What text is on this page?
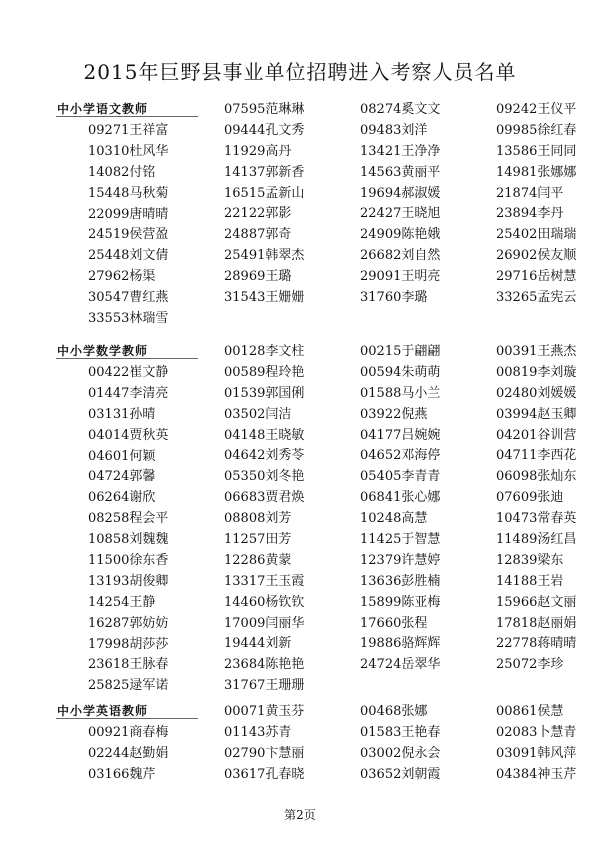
2015年巨野县事业单位招聘进入考察人员名单
中小学语文教师
09271王祥富
10310杜风华
14082付铭
15448马秋菊
22099唐晴晴
24519侯营盈
25448刘文倩
27962杨渠
30547曹红燕
33553林瑞雪
07595范琳琳
09444孔文秀
11929高丹
14137郭新香
16515孟新山
22122郭影
24887郭奇
25491韩翠杰
28969王璐
31543王姗姗
08274奚文文
09483刘洋
13421王净净
14563黄丽平
19694郝淑媛
22427王晓旭
24909陈艳娥
26682刘自然
29091王明亮
31760李璐
09242王仪平
09985徐红春
13586王同同
14981张娜娜
21874闫平
23894李丹
25402田瑞瑞
26902侯友顺
29716岳树慧
33265孟宪云
中小学数学教师
00422崔文静
01447李清亮
03131孙晴
04014贾秋英
04601何颖
04724郭馨
06264谢欣
08258程会平
10858刘魏魏
11500徐东香
13193胡俊卿
14254王静
16287郭妨妨
17998胡莎莎
23618王脉春
25825逯军诺
00128李文柱
00589程玲艳
01539郭国俐
03502闫洁
04148王晓敏
04642刘秀苓
05350刘冬艳
06683贾君焕
08808刘芳
11257田芳
12286黄蒙
13317王玉霞
14460杨钦钦
17009闫丽华
19444刘新
23684陈艳艳
31767王珊珊
00215于翩翩
00594朱萌萌
01588马小兰
03922倪燕
04177吕婉婉
04652邓海停
05405李青青
06841张心娜
10248高慧
11425于智慧
12379许慧婷
13636彭胜楠
15899陈亚梅
17660张程
19886骆辉辉
24724岳翠华
00391王燕杰
00819李刘璇
02480刘媛媛
03994赵玉卿
04201谷训营
04711李西花
06098张灿东
07609张迪
10473常春英
11489汤红昌
12839梁东
14188王岩
15966赵文丽
17818赵丽娟
22778蒋晴晴
25072李珍
中小学英语教师
00921商春梅
02244赵勤娟
03166魏芹
00071黄玉芬
01143苏青
02790卞慧丽
03617孔春晓
00468张娜
01583王艳春
03002倪永会
03652刘朝霞
00861侯慧
02083卜慧青
03091韩风萍
04384神玉芹
第2页
